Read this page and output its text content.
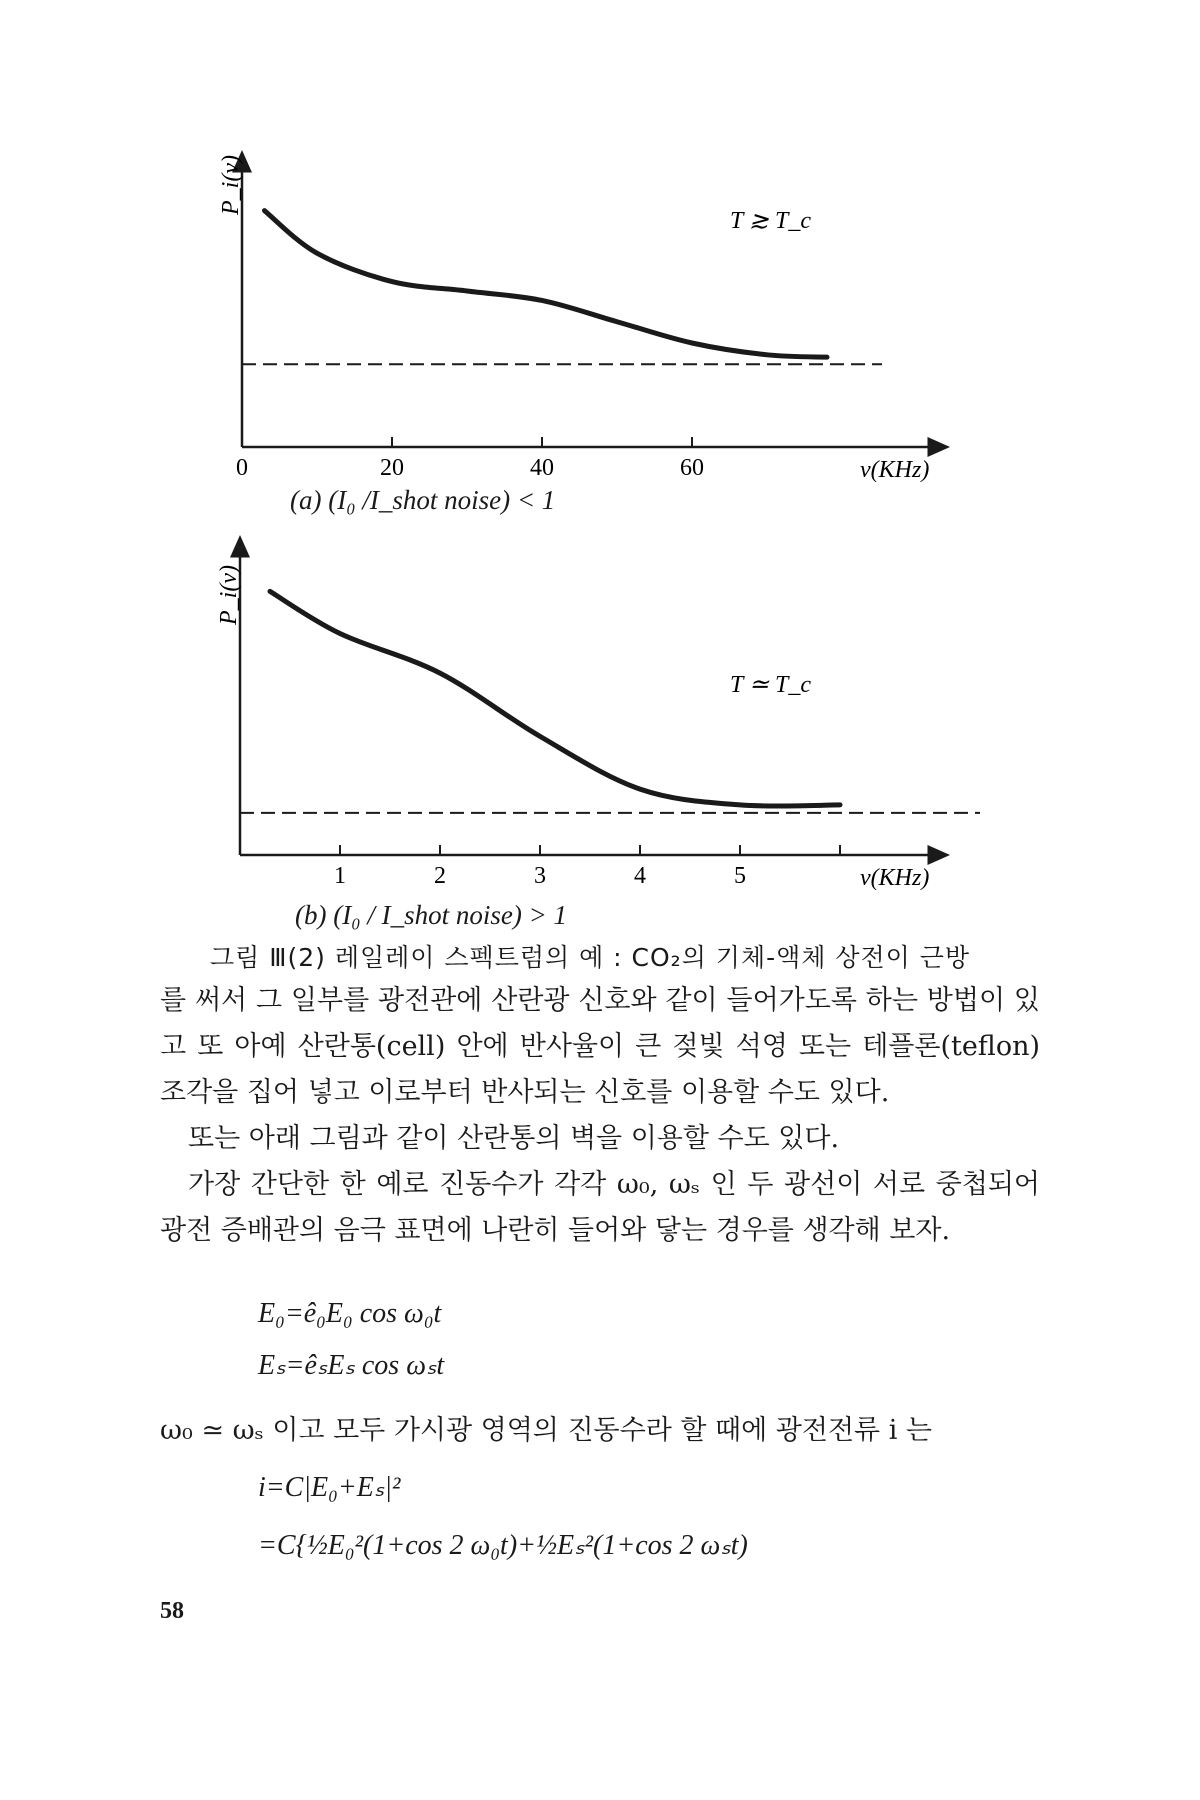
0	20	40	60
P_i(ν)
ν(KHz)
T ≳ T_c
1	2	3	4	5
P_i(ν)
ν(KHz)
T ≃ T_c
(a) (I₀ /I_shot noise) < 1
(b) (I₀ / I_shot noise) > 1
그림 Ⅲ(2) 레일레이 스펙트럼의 예 : CO₂의 기체-액체 상전이 근방

를 써서 그 일부를 광전관에 산란광 신호와 같이 들어가도록 하는 방법이 있고 또 아예 산란통(cell) 안에 반사율이 큰 젖빛 석영 또는 테플론(teflon) 조각을 집어 넣고 이로부터 반사되는 신호를 이용할 수도 있다.

또는 아래 그림과 같이 산란통의 벽을 이용할 수도 있다.

가장 간단한 한 예로 진동수가 각각 ω₀, ωₛ 인 두 광선이 서로 중첩되어 광전 증배관의 음극 표면에 나란히 들어와 닿는 경우를 생각해 보자.

E₀=ê₀E₀ cos ω₀t
Eₛ=êₛEₛ cos ωₛt
ω₀ ≃ ωₛ 이고 모두 가시광 영역의 진동수라 할 때에 광전전류 i 는
i=C|E₀+Eₛ|²
=C{½E₀²(1+cos 2 ω₀t)+½Eₛ²(1+cos 2 ωₛt)
58
